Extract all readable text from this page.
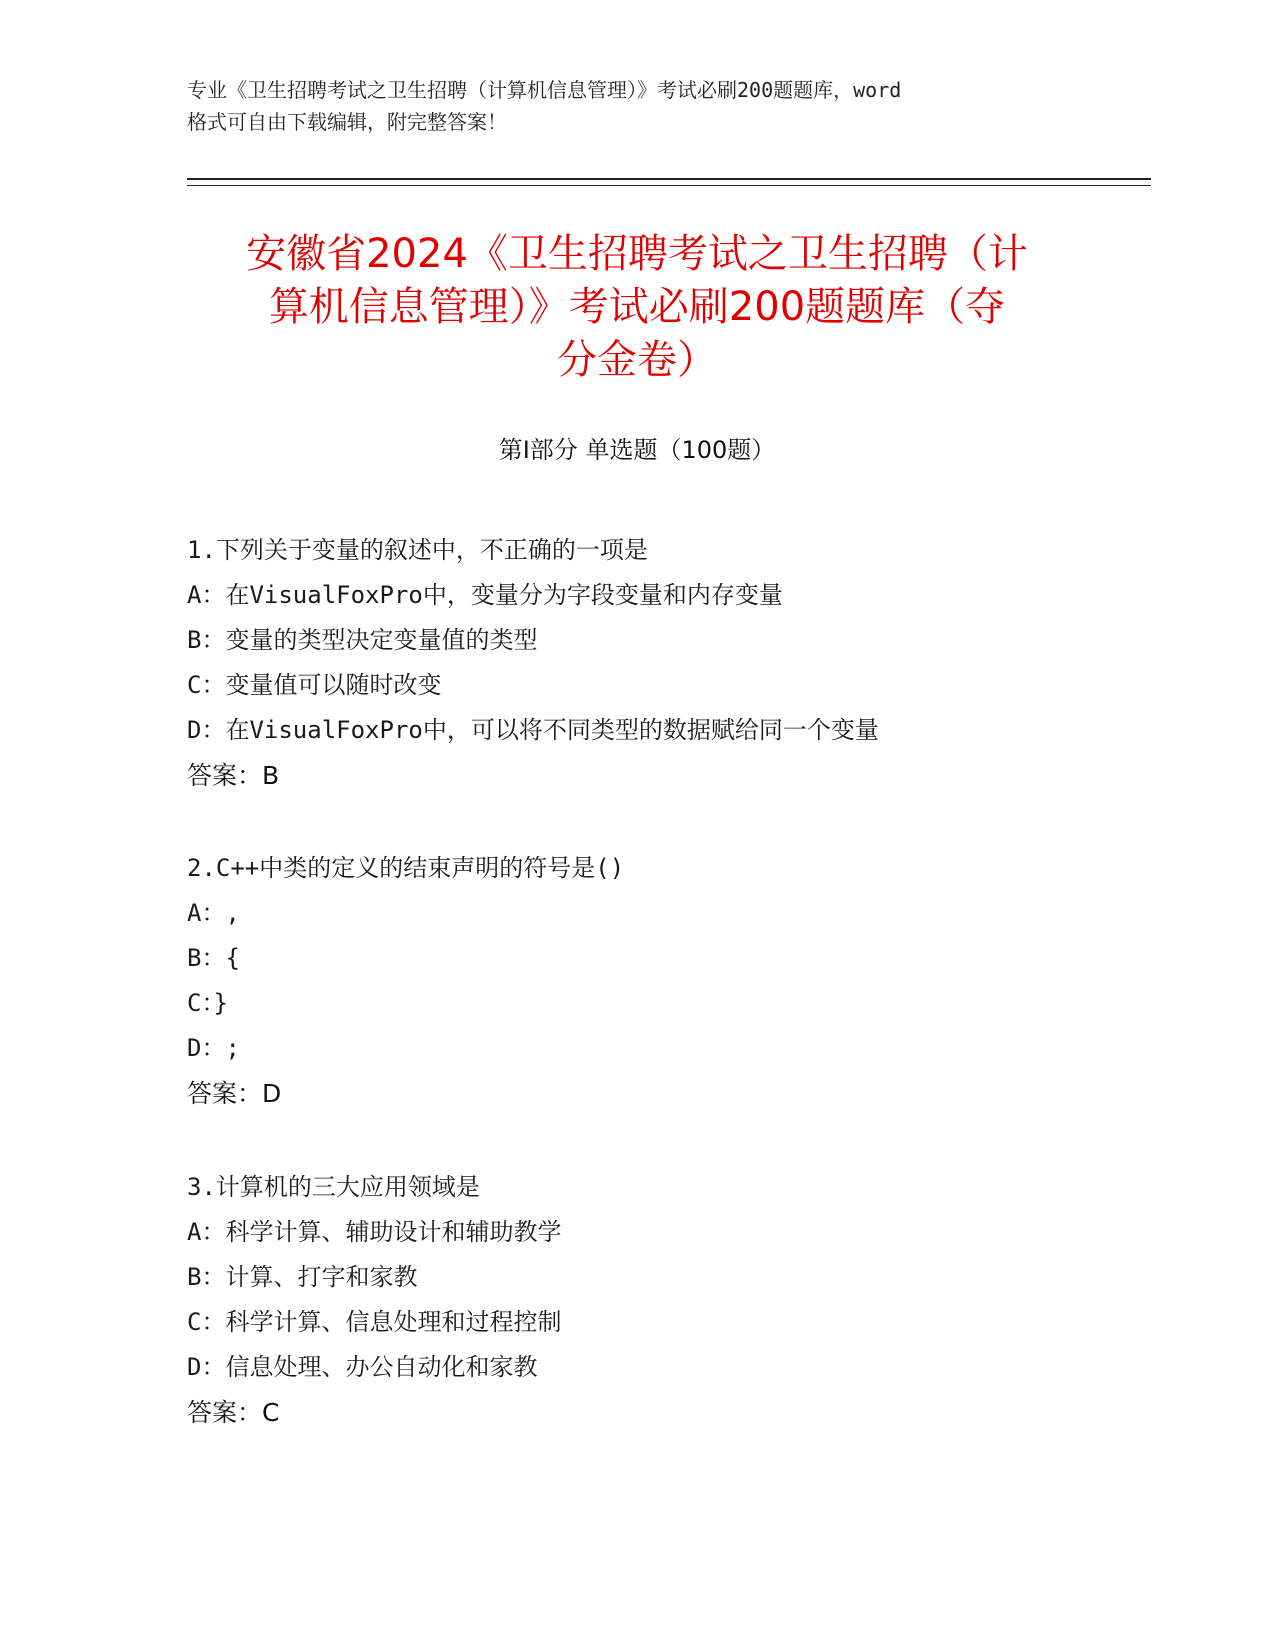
专业《卫生招聘考试之卫生招聘（计算机信息管理）》考试必刷200题题库，word
格式可自由下载编辑，附完整答案！
安徽省2024《卫生招聘考试之卫生招聘（计
算机信息管理）》考试必刷200题题库（夺
分金卷）
第Ⅰ部分 单选题（100题）
1.下列关于变量的叙述中，不正确的一项是
A：在VisualFoxPro中，变量分为字段变量和内存变量
B：变量的类型决定变量值的类型
C：变量值可以随时改变
D：在VisualFoxPro中，可以将不同类型的数据赋给同一个变量
答案：B
2.C++中类的定义的结束声明的符号是()
A：,
B：{
C：}
D：;
答案：D
3.计算机的三大应用领域是
A：科学计算、辅助设计和辅助教学
B：计算、打字和家教
C：科学计算、信息处理和过程控制
D：信息处理、办公自动化和家教
答案：C
